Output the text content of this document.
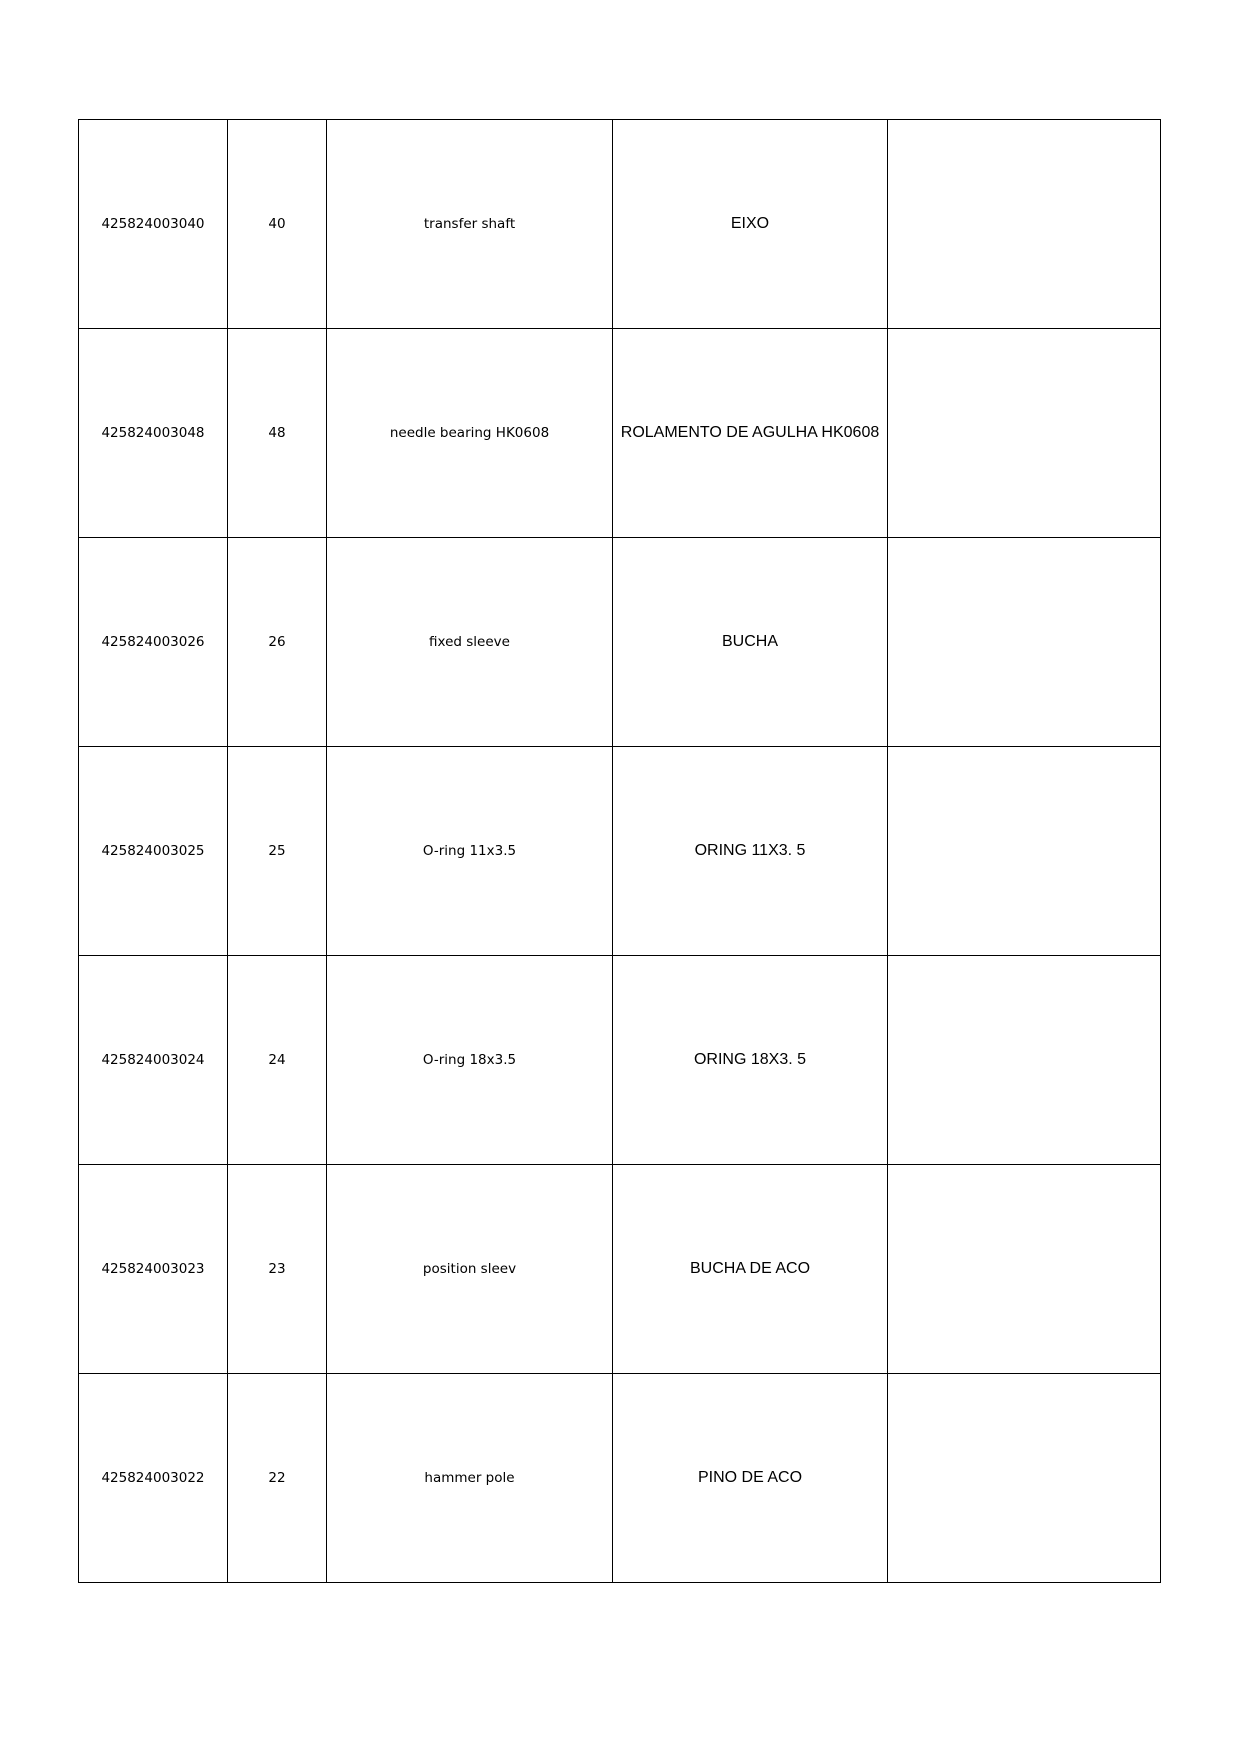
425824003040	40	transfer shaft	EIXO	
425824003048	48	needle bearing HK0608	ROLAMENTO DE AGULHA HK0608	
425824003026	26	fixed sleeve	BUCHA	
425824003025	25	O-ring 11x3.5	ORING 11X3. 5	
425824003024	24	O-ring 18x3.5	ORING 18X3. 5	
425824003023	23	position sleev	BUCHA DE ACO	
425824003022	22	hammer pole	PINO DE ACO	
